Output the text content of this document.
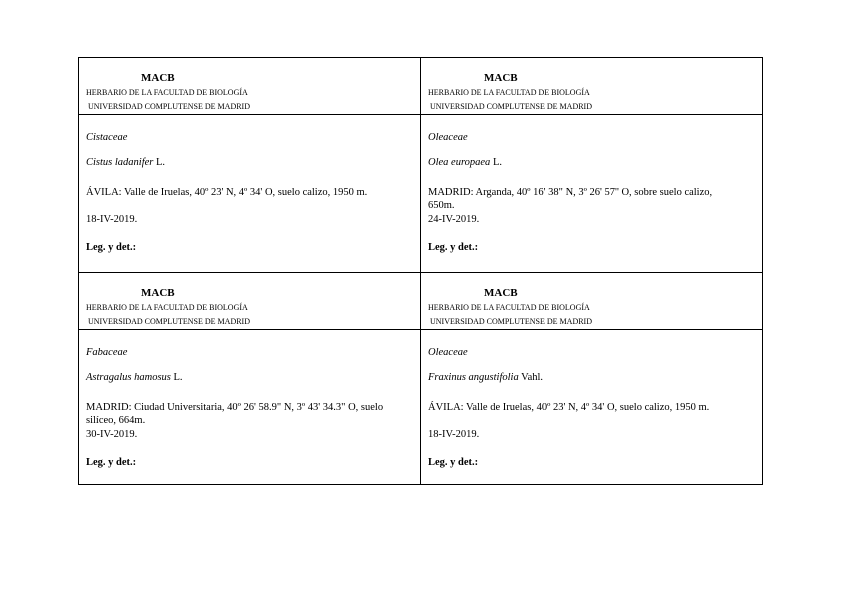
MACB
HERBARIO DE LA FACULTAD DE BIOLOGÍA
UNIVERSIDAD COMPLUTENSE DE MADRID
Cistaceae
Cistus ladanifer L.
ÁVILA: Valle de Iruelas, 40º 23' N, 4º 34' O, suelo calizo, 1950 m.
18-IV-2019.
Leg. y det.:
MACB
HERBARIO DE LA FACULTAD DE BIOLOGÍA
UNIVERSIDAD COMPLUTENSE DE MADRID
Oleaceae
Olea europaea L.
MADRID: Arganda, 40º 16' 38" N, 3º 26' 57'' O, sobre suelo calizo, 650m.
24-IV-2019.
Leg. y det.:
MACB
HERBARIO DE LA FACULTAD DE BIOLOGÍA
UNIVERSIDAD COMPLUTENSE DE MADRID
Fabaceae
Astragalus hamosus L.
MADRID: Ciudad Universitaria, 40º 26' 58.9" N, 3º 43' 34.3" O, suelo silíceo, 664m.
30-IV-2019.
Leg. y det.:
MACB
HERBARIO DE LA FACULTAD DE BIOLOGÍA
UNIVERSIDAD COMPLUTENSE DE MADRID
Oleaceae
Fraxinus angustifolia Vahl.
ÁVILA: Valle de Iruelas, 40º 23' N, 4º 34' O, suelo calizo, 1950 m.
18-IV-2019.
Leg. y det.:
